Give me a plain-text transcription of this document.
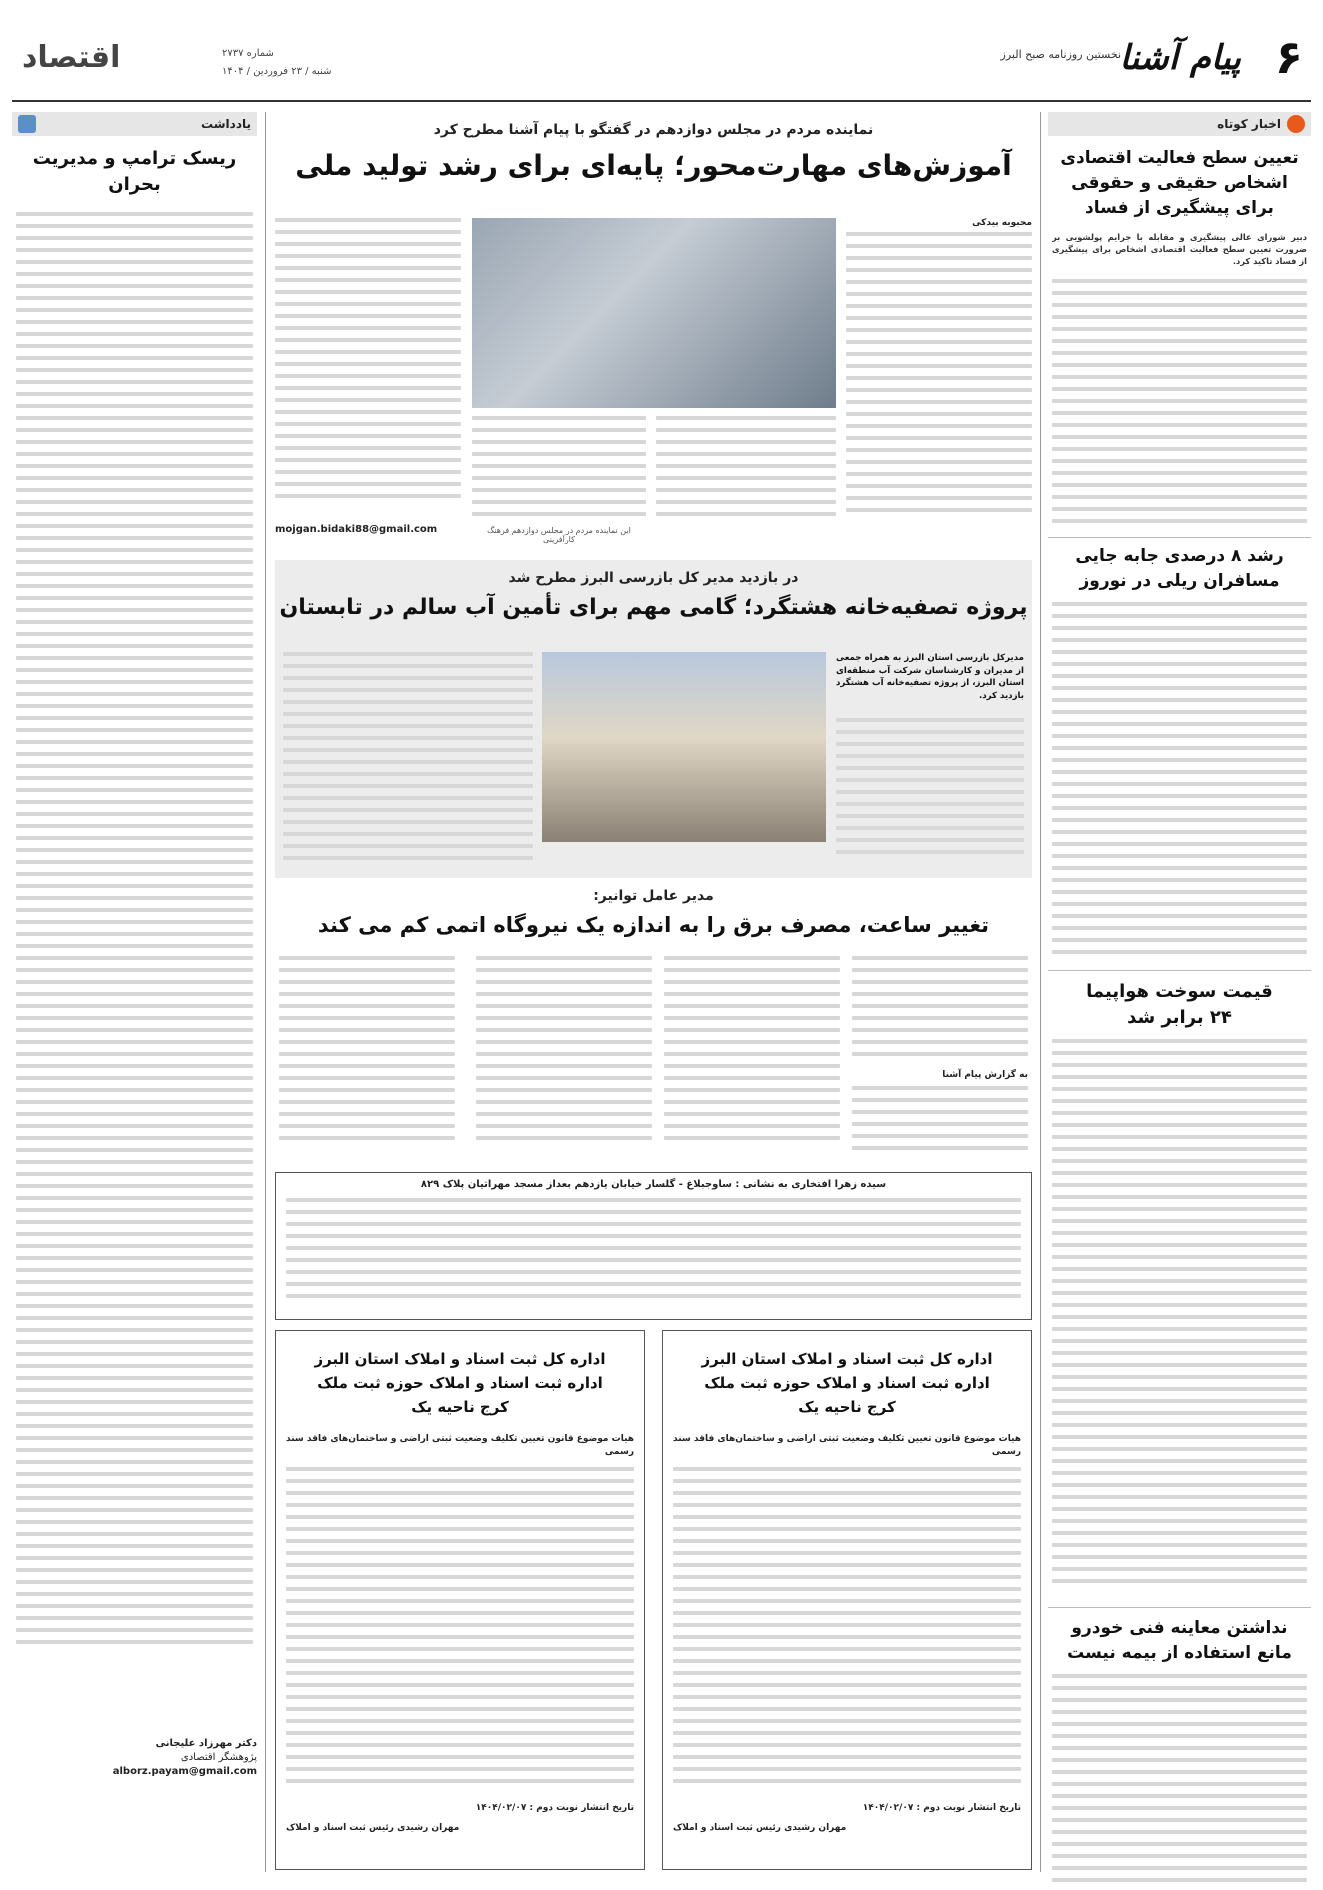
اقتصاد	شماره ۲۷۳۷
شنبه / ۲۳ فروردین / ۱۴۰۴
نخستین روزنامه صبح البرز
پیام آشنا ۶
یادداشت
ریسک ترامپ و مدیریت بحران
دکتر مهرزاد علیجانی
پژوهشگر اقتصادی
alborz.payam@gmail.com
اخبار کوتاه
تعیین سطح فعالیت اقتصادی اشخاص حقیقی و حقوقی برای پیشگیری از فساد
دبیر شورای عالی پیشگیری و مقابله با جرایم پولشویی بر ضرورت تعیین سطح فعالیت اقتصادی اشخاص برای پیشگیری از فساد تاکید کرد.
رشد ۸ درصدی جابه جایی مسافران ریلی در نوروز
قیمت سوخت هواپیما ۲۴ برابر شد
نداشتن معاینه فنی خودرو مانع استفاده از بیمه نیست
نماینده مردم در مجلس دوازدهم در گفتگو با پیام آشنا مطرح کرد
آموزش‌های مهارت‌محور؛ پایه‌ای برای رشد تولید ملی
محبوبه بیدکی
این نماینده مردم در مجلس دوازدهم فرهنگ کارآفرینی
mojgan.bidaki88@gmail.com
در بازدید مدیر کل بازرسی البرز مطرح شد
پروژه تصفیه‌خانه هشتگرد؛ گامی مهم برای تأمین آب سالم در تابستان
مدیرکل بازرسی استان البرز به همراه جمعی از مدیران و کارشناسان شرکت آب منطقه‌ای استان البرز، از پروژه تصفیه‌خانه آب هشتگرد بازدید کرد.
مدیر عامل توانیر:
تغییر ساعت، مصرف برق را به اندازه یک نیروگاه اتمی کم می کند
به گزارش پیام آشنا
سیده زهرا افتخاری به نشانی : ساوجبلاغ - گلسار خیابان یازدهم بعداز مسجد مهراتیان پلاک ۸۲۹
اداره کل ثبت اسناد و املاک استان البرز اداره ثبت اسناد و املاک حوزه ثبت ملک کرج ناحیه یک
هیات موضوع قانون تعیین تکلیف وضعیت ثبتی اراضی و ساختمان‌های فاقد سند رسمی
تاریخ انتشار نوبت دوم : ۱۴۰۴/۰۲/۰۷
مهران رشیدی رئیس ثبت اسناد و املاک
اداره کل ثبت اسناد و املاک استان البرز اداره ثبت اسناد و املاک حوزه ثبت ملک کرج ناحیه یک
هیات موضوع قانون تعیین تکلیف وضعیت ثبتی اراضی و ساختمان‌های فاقد سند رسمی
تاریخ انتشار نوبت دوم : ۱۴۰۴/۰۲/۰۷
مهران رشیدی رئیس ثبت اسناد و املاک
